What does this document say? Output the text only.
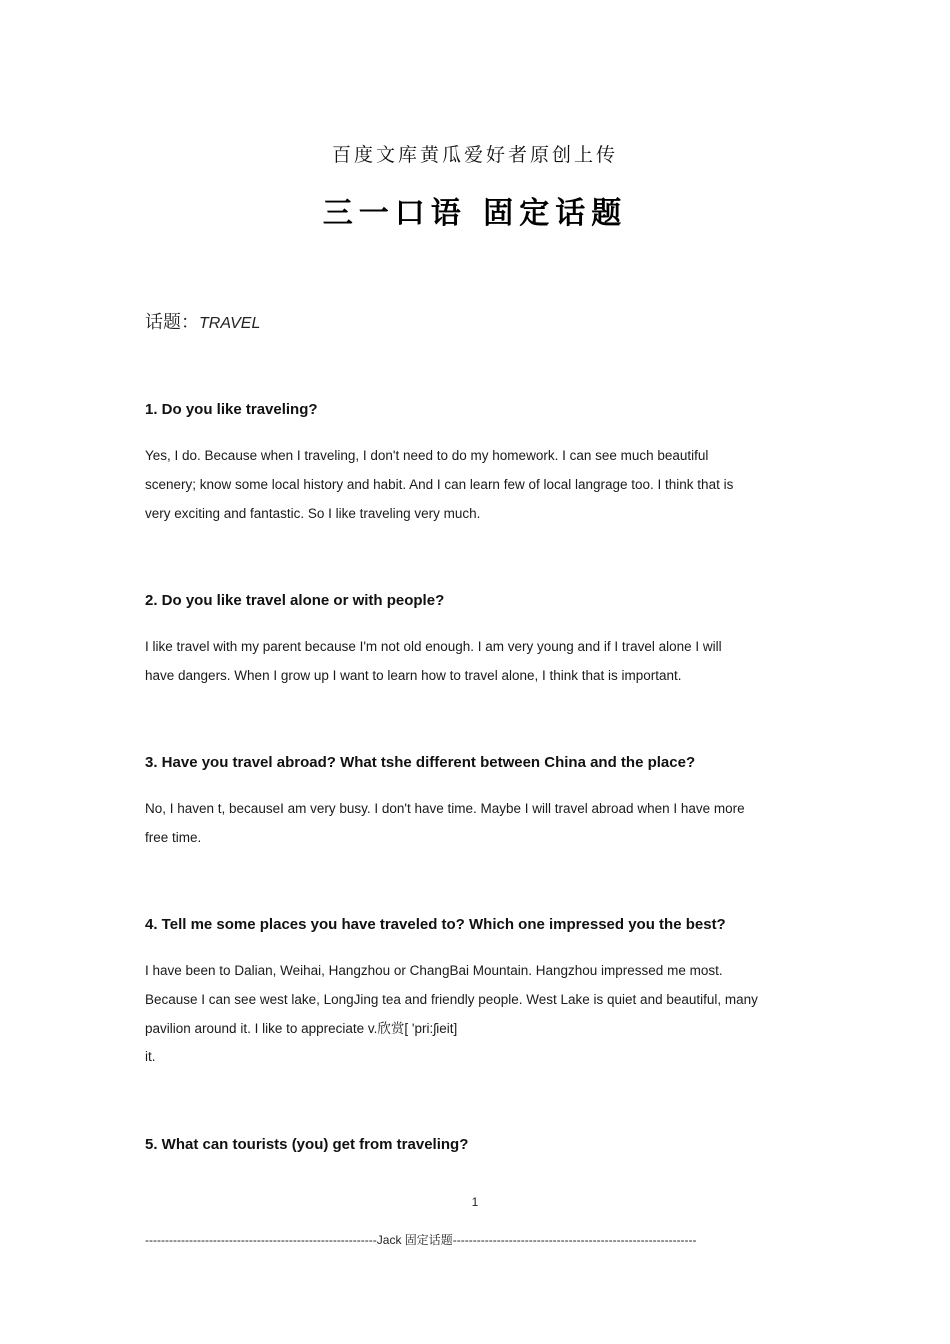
百度文库黄瓜爱好者原创上传
三一口语 固定话题
话题：TRAVEL
1. Do you like traveling?
Yes, I do. Because when I traveling, I don't need to do my homework. I can see much beautiful
scenery; know some local history and habit. And I can learn few of local langrage too. I think that is
very exciting and fantastic. So I like traveling very much.
2. Do you like travel alone or with people?
I like travel with my parent because I'm not old enough. I am very young and if I travel alone I will
have dangers. When I grow up I want to learn how to travel alone, I think that is important.
3. Have you travel abroad? What tshe different between China and the place?
No, I haven t, becauseI am very busy. I don't have time. Maybe I will travel abroad when I have more
free time.
4. Tell me some places you have traveled to? Which one impressed you the best?
I have been to Dalian, Weihai, Hangzhou or ChangBai Mountain. Hangzhou impressed me most.
Because I can see west lake, LongJing tea and friendly people. West Lake is quiet and beautiful, many
pavilion around it. I like to appreciate v.欣赏[ 'pri:ʃieit]
it.
5. What can tourists (you) get from traveling?
1
----------------------------------------------------------Jack 固定话题-------------------------------------------------------------
